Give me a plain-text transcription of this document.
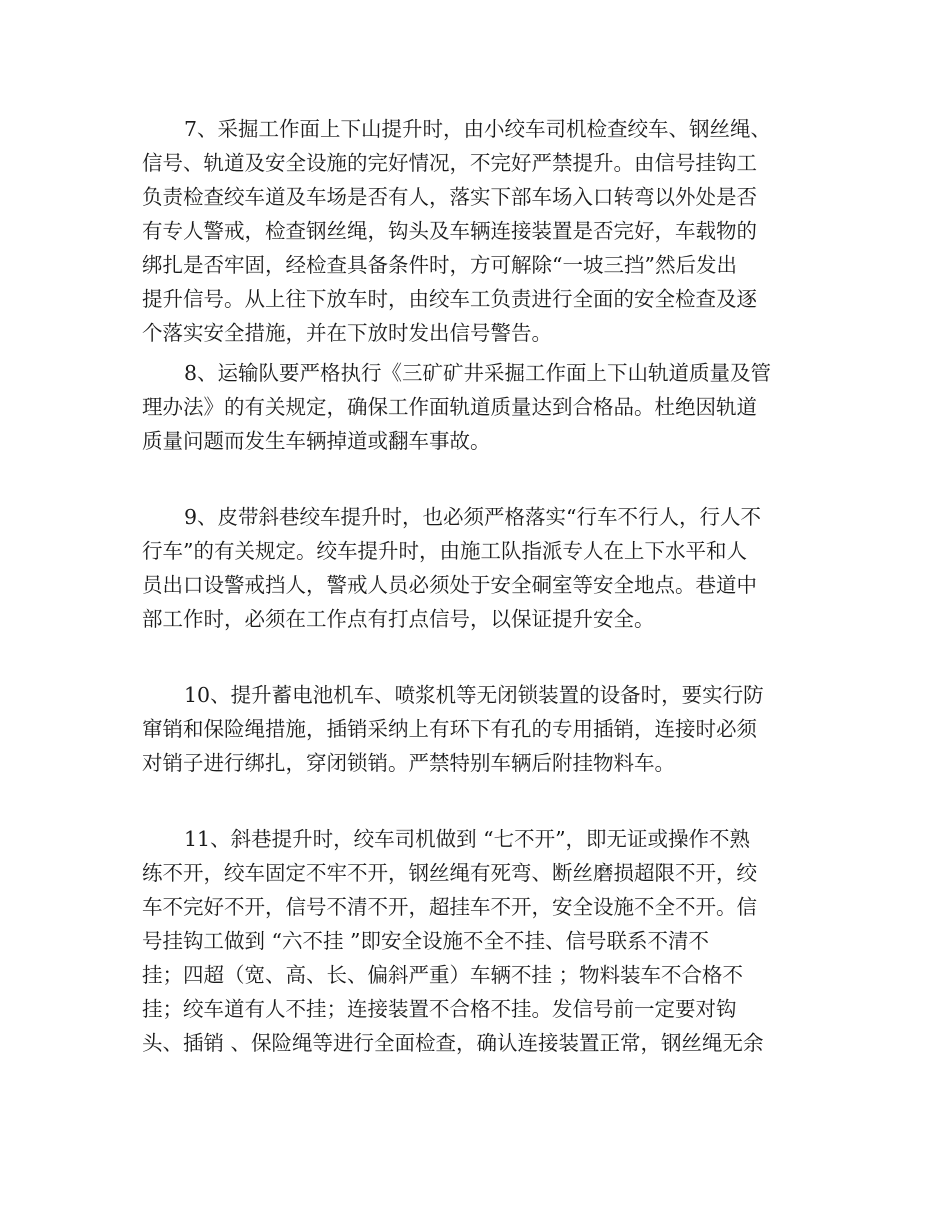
7、采掘工作面上下山提升时，由小绞车司机检查绞车、钢丝绳、
信号、轨道及安全设施的完好情况，不完好严禁提升。由信号挂钩工
负责检查绞车道及车场是否有人，落实下部车场入口转弯以外处是否
有专人警戒，检查钢丝绳，钩头及车辆连接装置是否完好，车载物的
绑扎是否牢固，经检查具备条件时，方可解除“一坡三挡”然后发出
提升信号。从上往下放车时，由绞车工负责进行全面的安全检查及逐
个落实安全措施，并在下放时发出信号警告。
8、运输队要严格执行《三矿矿井采掘工作面上下山轨道质量及管
理办法》的有关规定，确保工作面轨道质量达到合格品。杜绝因轨道
质量问题而发生车辆掉道或翻车事故。
9、皮带斜巷绞车提升时，也必须严格落实“行车不行人，行人不
行车”的有关规定。绞车提升时，由施工队指派专人在上下水平和人
员出口设警戒挡人，警戒人员必须处于安全硐室等安全地点。巷道中
部工作时，必须在工作点有打点信号，以保证提升安全。
10、提升蓄电池机车、喷浆机等无闭锁装置的设备时，要实行防
窜销和保险绳措施，插销采纳上有环下有孔的专用插销，连接时必须
对销子进行绑扎，穿闭锁销。严禁特别车辆后附挂物料车。
11、斜巷提升时，绞车司机做到 “七不开”，即无证或操作不熟
练不开，绞车固定不牢不开，钢丝绳有死弯、断丝磨损超限不开，绞
车不完好不开，信号不清不开，超挂车不开，安全设施不全不开。信
号挂钩工做到 “六不挂 ”即安全设施不全不挂、信号联系不清不
挂；四超（宽、高、长、偏斜严重）车辆不挂 ；物料装车不合格不
挂；绞车道有人不挂；连接装置不合格不挂。发信号前一定要对钩
头、插销 、保险绳等进行全面检查，确认连接装置正常，钢丝绳无余
